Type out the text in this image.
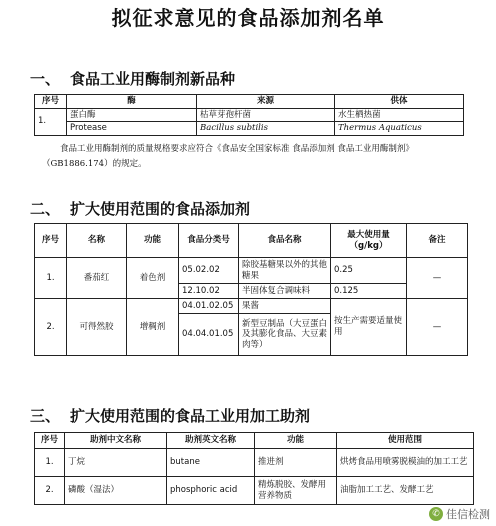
拟征求意见的食品添加剂名单
一、 食品工业用酶制剂新品种
序号	酶	来源	供体
1.	蛋白酶	枯草芽孢杆菌	水生栖热菌
	Protease	Bacillus subtilis	Thermus Aquaticus
食品工业用酶制剂的质量规格要求应符合《食品安全国家标准 食品添加剂 食品工业用酶制剂》（GB1886.174）的规定。
二、 扩大使用范围的食品添加剂
序号	名称	功能	食品分类号	食品名称	最大使用量（g/kg）	备注
1.	番茄红	着色剂	05.02.02	除胶基糖果以外的其他糖果	0.25	—
			12.10.02	半固体复合调味料	0.125	
2.	可得然胶	增稠剂	04.01.02.05	果酱	按生产需要适量使用	—
			04.04.01.05	新型豆制品（大豆蛋白及其膨化食品、大豆素肉等）		
三、 扩大使用范围的食品工业用加工助剂
序号	助剂中文名称	助剂英文名称	功能	使用范围
1.	丁烷	butane	推进剂	烘烤食品用喷雾脱模油的加工工艺
2.	磷酸（湿法）	phosphoric acid	精炼脱胶、发酵用营养物质	油脂加工工艺、发酵工艺
✆ 佳信检测
